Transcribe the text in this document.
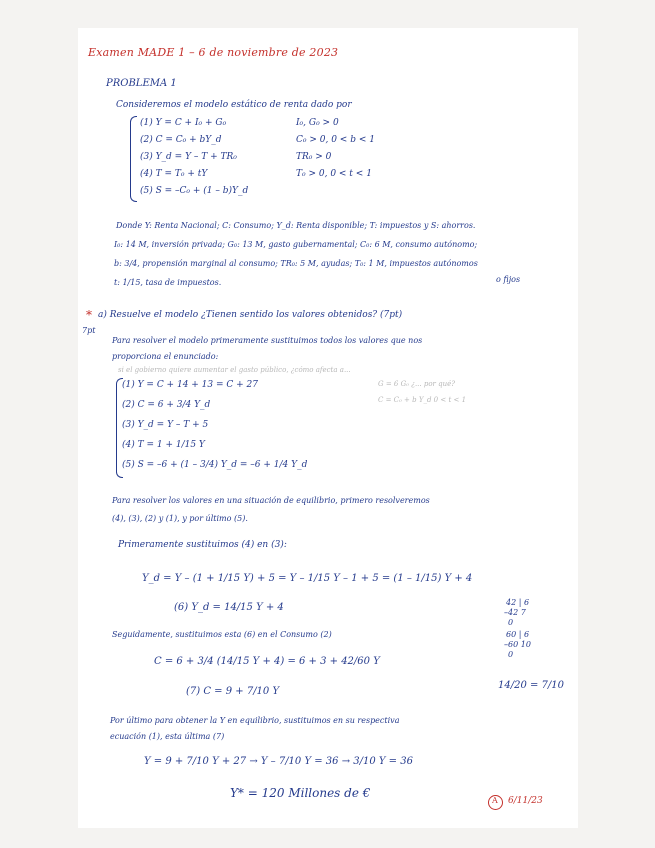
Examen MADE 1 – 6 de noviembre de 2023
PROBLEMA 1
Consideremos el modelo estático de renta dado por
(1) Y = C + I₀ + G₀	I₀, G₀ > 0
(2) C = C₀ + bY_d	C₀ > 0, 0 < b < 1
(3) Y_d = Y – T + TR₀	TR₀ > 0
(4) T = T₀ + tY	T₀ > 0, 0 < t < 1
(5) S = –C₀ + (1 – b)Y_d
Donde Y: Renta Nacional; C: Consumo; Y_d: Renta disponible; T: impuestos y S: ahorros.
I₀: 14 M, inversión privada; G₀: 13 M, gasto gubernamental; C₀: 6 M, consumo autónomo;
b: 3/4, propensión marginal al consumo; TR₀: 5 M, ayudas; T₀: 1 M, impuestos autónomos
t: 1/15, tasa de impuestos.	o fijos
* a) Resuelve el modelo ¿Tienen sentido los valores obtenidos? (7pt)
7pt
Para resolver el modelo primeramente sustituimos todos los valores que nos
proporciona el enunciado:
si el gobierno quiere aumentar el gasto público, ¿cómo afecta a...
G = 6 G₀ ¿... por qué?
C = C₀ + b Y_d 0 < t < 1
(1) Y = C + 14 + 13 = C + 27
(2) C = 6 + 3/4 Y_d
(3) Y_d = Y – T + 5
(4) T = 1 + 1/15 Y
(5) S = –6 + (1 – 3/4) Y_d = –6 + 1/4 Y_d
Para resolver los valores en una situación de equilibrio, primero resolveremos
(4), (3), (2) y (1), y por último (5).
Primeramente sustituimos (4) en (3):
Y_d = Y – (1 + 1/15 Y) + 5 = Y – 1/15 Y – 1 + 5 = (1 – 1/15) Y + 4
(6) Y_d = 14/15 Y + 4
Seguidamente, sustituimos esta (6) en el Consumo (2)
C = 6 + 3/4 (14/15 Y + 4) = 6 + 3 + 42/60 Y
(7) C = 9 + 7/10 Y
Por último para obtener la Y en equilibrio, sustituimos en su respectiva
ecuación (1), esta última (7)
Y = 9 + 7/10 Y + 27 → Y – 7/10 Y = 36 → 3/10 Y = 36
Y* = 120 Millones de €
42 | 6
–42 7
0
60 | 6
–60 10
0
14/20 = 7/10
A 6/11/23
